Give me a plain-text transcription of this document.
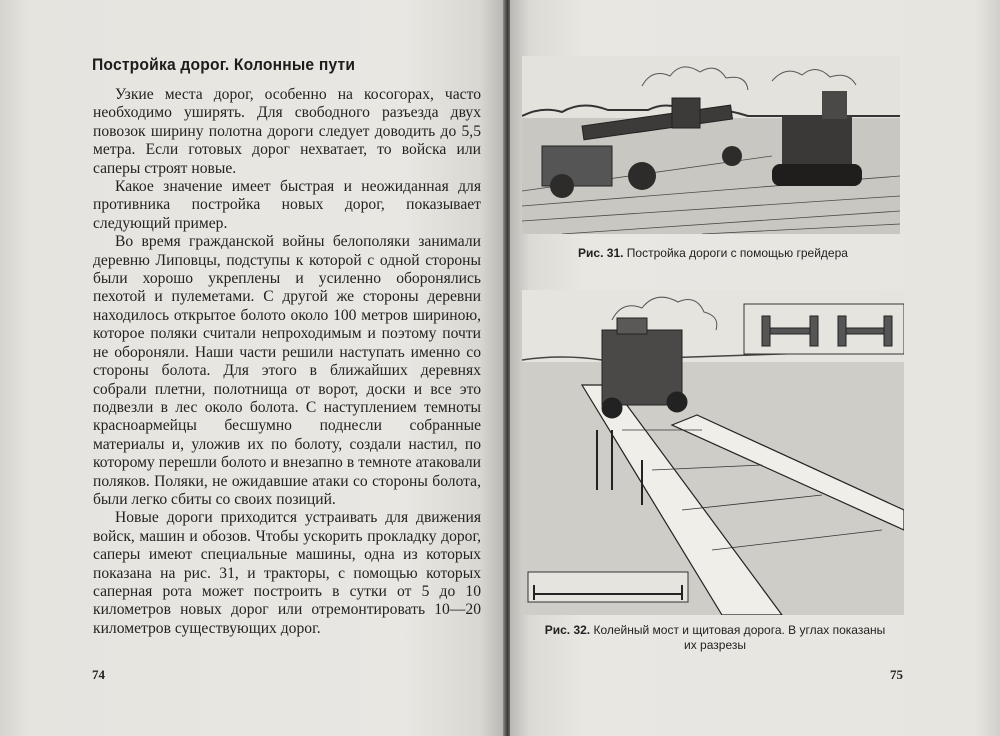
Постройка дорог. Колонные пути

Узкие места дорог, особенно на косогорах, часто необходимо уширять. Для свободного разъезда двух повозок ширину полотна дороги следует доводить до 5,5 метра. Если готовых дорог нехватает, то войска или саперы строят новые.

Какое значение имеет быстрая и неожиданная для противника постройка новых дорог, показывает следующий пример.

Во время гражданской войны белополяки занимали деревню Липовцы, подступы к которой с одной стороны были хорошо укреплены и усиленно оборонялись пехотой и пулеметами. С другой же стороны деревни находилось открытое болото около 100 метров шириною, которое поляки считали непроходимым и поэтому почти не обороняли. Наши части решили наступать именно со стороны болота. Для этого в ближайших деревнях собрали плетни, полотнища от ворот, доски и все это подвезли в лес около болота. С наступлением темноты красноармейцы бесшумно поднесли собранные материалы и, уложив их по болоту, создали настил, по которому перешли болото и внезапно в темноте атаковали поляков. Поляки, не ожидавшие атаки со стороны болота, были легко сбиты со своих позиций.

Новые дороги приходится устраивать для движения войск, машин и обозов. Чтобы ускорить прокладку дорог, саперы имеют специальные машины, одна из которых показана на рис. 31, и тракторы, с помощью которых саперная рота может построить в сутки от 5 до 10 километров новых дорог или отремонтировать 10—20 километров существующих дорог.

74
Рис. 31. Постройка дороги с помощью грейдера
Рис. 32. Колейный мост и щитовая дорога. В углах показаны
их разрезы
75
